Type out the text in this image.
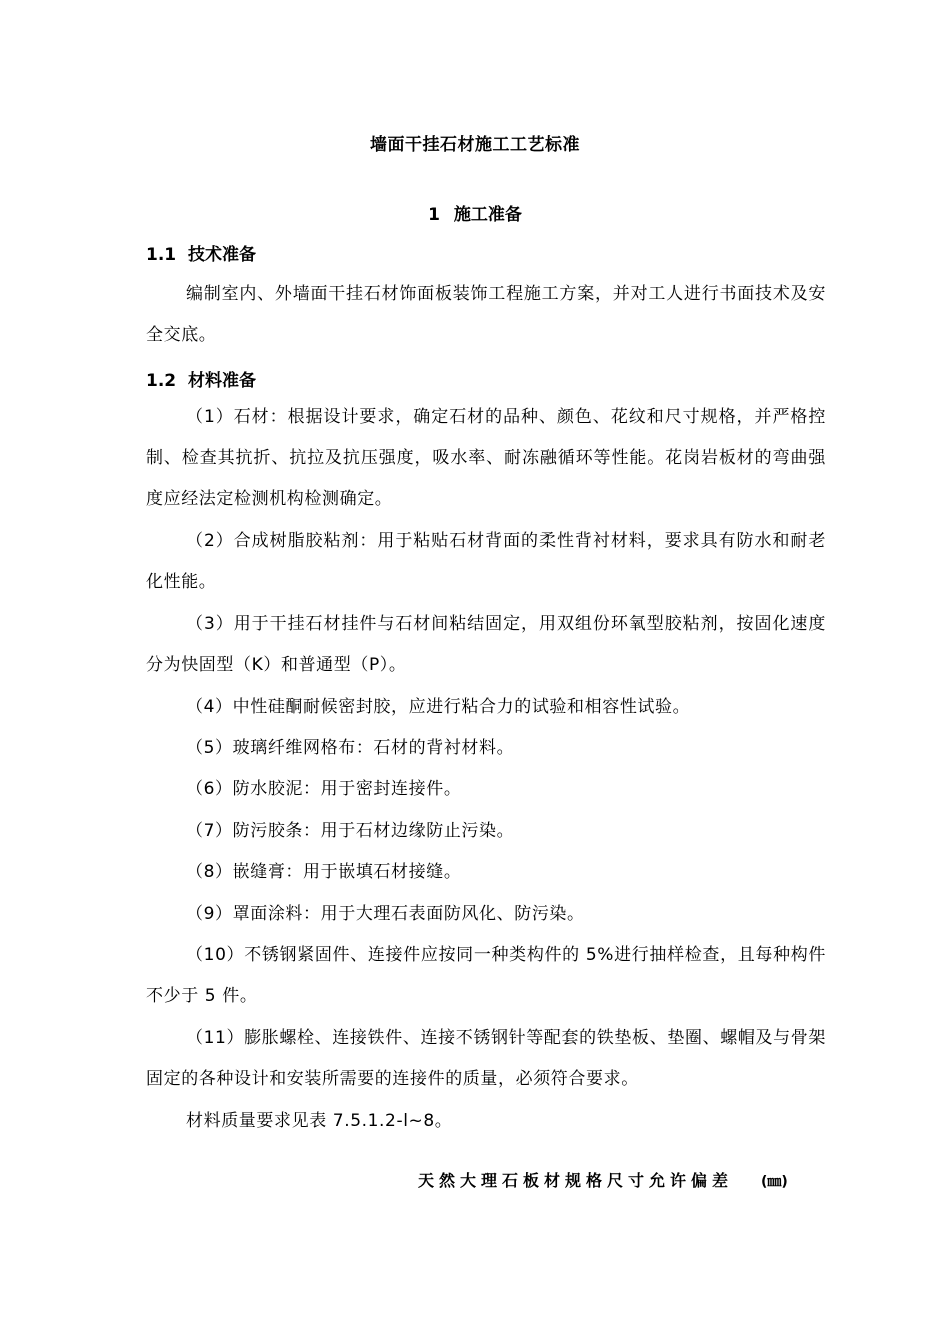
墙面干挂石材施工工艺标准
1 施工准备
1.1 技术准备

编制室内、外墙面干挂石材饰面板装饰工程施工方案，并对工人进行书面技术及安全交底。

1.2 材料准备

（1）石材：根据设计要求，确定石材的品种、颜色、花纹和尺寸规格，并严格控制、检查其抗折、抗拉及抗压强度，吸水率、耐冻融循环等性能。花岗岩板材的弯曲强度应经法定检测机构检测确定。

（2）合成树脂胶粘剂：用于粘贴石材背面的柔性背衬材料，要求具有防水和耐老化性能。

（3）用于干挂石材挂件与石材间粘结固定，用双组份环氧型胶粘剂，按固化速度分为快固型（K）和普通型（P）。

（4）中性硅酮耐候密封胶，应进行粘合力的试验和相容性试验。

（5）玻璃纤维网格布：石材的背衬材料。

（6）防水胶泥：用于密封连接件。

（7）防污胶条：用于石材边缘防止污染。

（8）嵌缝膏：用于嵌填石材接缝。

（9）罩面涂料：用于大理石表面防风化、防污染。

（10）不锈钢紧固件、连接件应按同一种类构件的 5%进行抽样检查，且每种构件不少于 5 件。

（11）膨胀螺栓、连接铁件、连接不锈钢针等配套的铁垫板、垫圈、螺帽及与骨架固定的各种设计和安装所需要的连接件的质量，必须符合要求。

材料质量要求见表 7.5.1.2-l~8。

天然大理石板材规格尺寸允许偏差 (㎜)
